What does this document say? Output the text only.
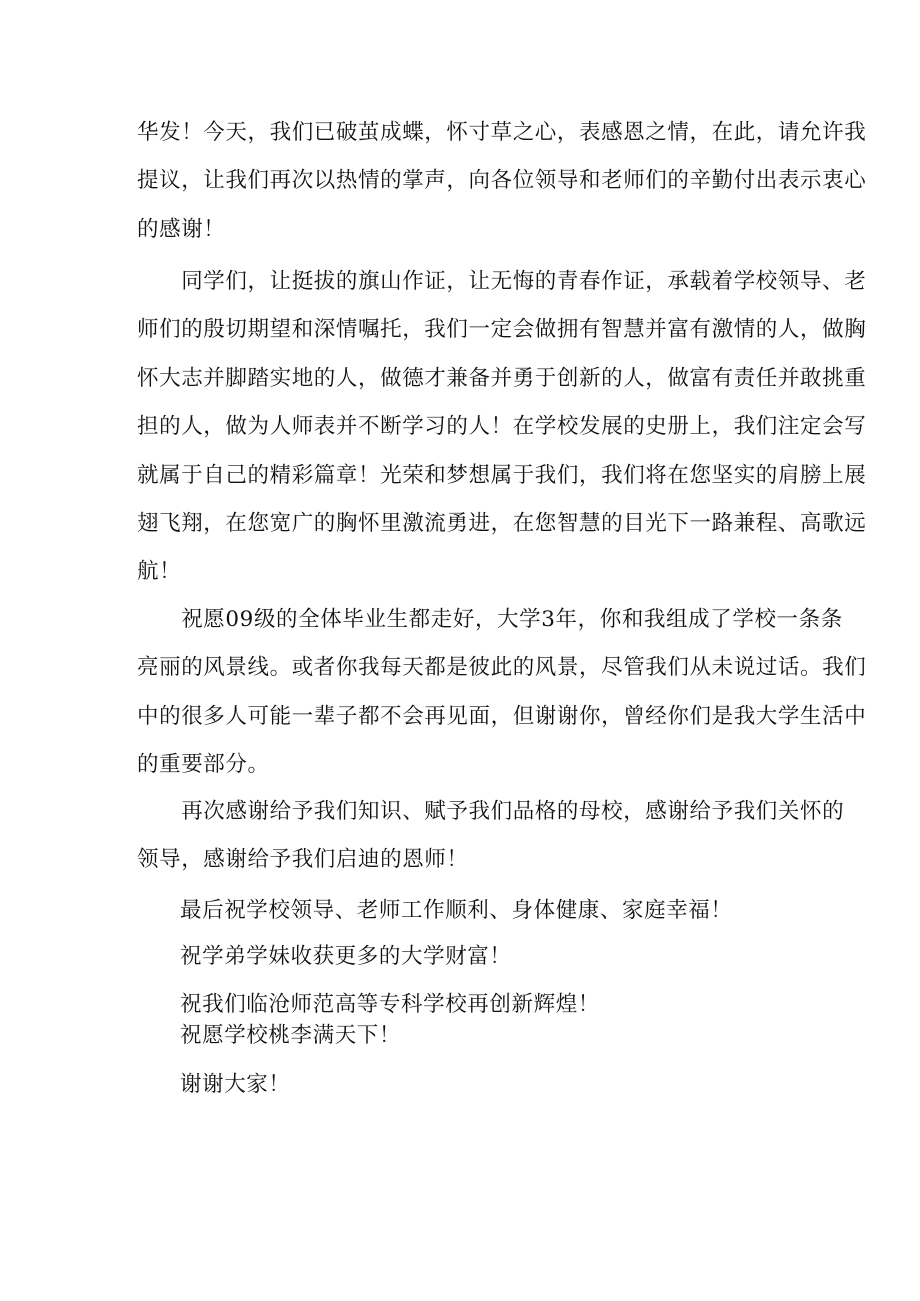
华发！今天，我们已破茧成蝶，怀寸草之心，表感恩之情，在此，请允许我
提议，让我们再次以热情的掌声，向各位领导和老师们的辛勤付出表示衷心
的感谢！
　　同学们，让挺拔的旗山作证，让无悔的青春作证，承载着学校领导、老
师们的殷切期望和深情嘱托，我们一定会做拥有智慧并富有激情的人，做胸
怀大志并脚踏实地的人，做德才兼备并勇于创新的人，做富有责任并敢挑重
担的人，做为人师表并不断学习的人！在学校发展的史册上，我们注定会写
就属于自己的精彩篇章！光荣和梦想属于我们，我们将在您坚实的肩膀上展
翅飞翔，在您宽广的胸怀里激流勇进，在您智慧的目光下一路兼程、高歌远
航！
　　祝愿09级的全体毕业生都走好，大学3年，你和我组成了学校一条条
亮丽的风景线。或者你我每天都是彼此的风景，尽管我们从未说过话。我们
中的很多人可能一辈子都不会再见面，但谢谢你，曾经你们是我大学生活中
的重要部分。
　　再次感谢给予我们知识、赋予我们品格的母校，感谢给予我们关怀的
领导，感谢给予我们启迪的恩师！

最后祝学校领导、老师工作顺利、身体健康、家庭幸福！

祝学弟学妹收获更多的大学财富！

祝我们临沧师范高等专科学校再创新辉煌！

祝愿学校桃李满天下！

谢谢大家！
